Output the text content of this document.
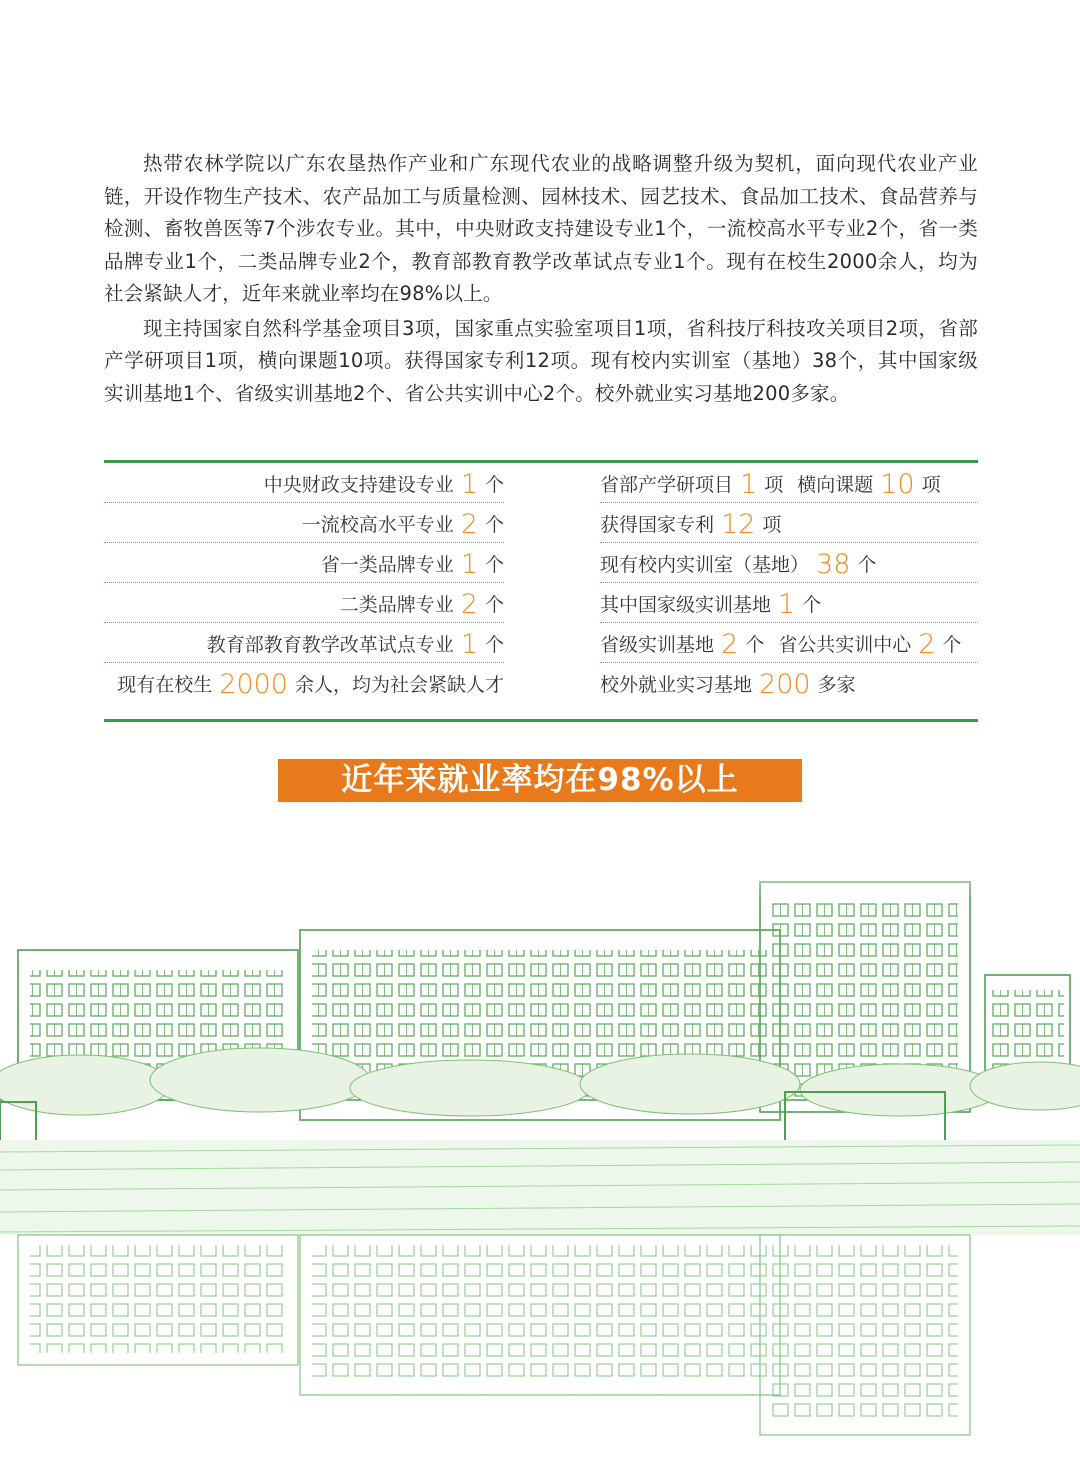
热带农林学院以广东农垦热作产业和广东现代农业的战略调整升级为契机，面向现代农业产业链，开设作物生产技术、农产品加工与质量检测、园林技术、园艺技术、食品加工技术、食品营养与检测、畜牧兽医等7个涉农专业。其中，中央财政支持建设专业1个，一流校高水平专业2个，省一类品牌专业1个，二类品牌专业2个，教育部教育教学改革试点专业1个。现有在校生2000余人，均为社会紧缺人才，近年来就业率均在98%以上。

现主持国家自然科学基金项目3项，国家重点实验室项目1项，省科技厅科技攻关项目2项，省部产学研项目1项，横向课题10项。获得国家专利12项。现有校内实训室（基地）38个，其中国家级实训基地1个、省级实训基地2个、省公共实训中心2个。校外就业实习基地200多家。

中央财政支持建设专业 1 个
一流校高水平专业 2 个
省一类品牌专业 1 个
二类品牌专业 2 个
教育部教育教学改革试点专业 1 个
现有在校生 2000 余人，均为社会紧缺人才
省部产学研项目 1 项 横向课题 10 项
获得国家专利 12 项
现有校内实训室（基地） 38 个
其中国家级实训基地 1 个
省级实训基地 2 个 省公共实训中心 2 个
校外就业实习基地 200 多家
近年来就业率均在98%以上
